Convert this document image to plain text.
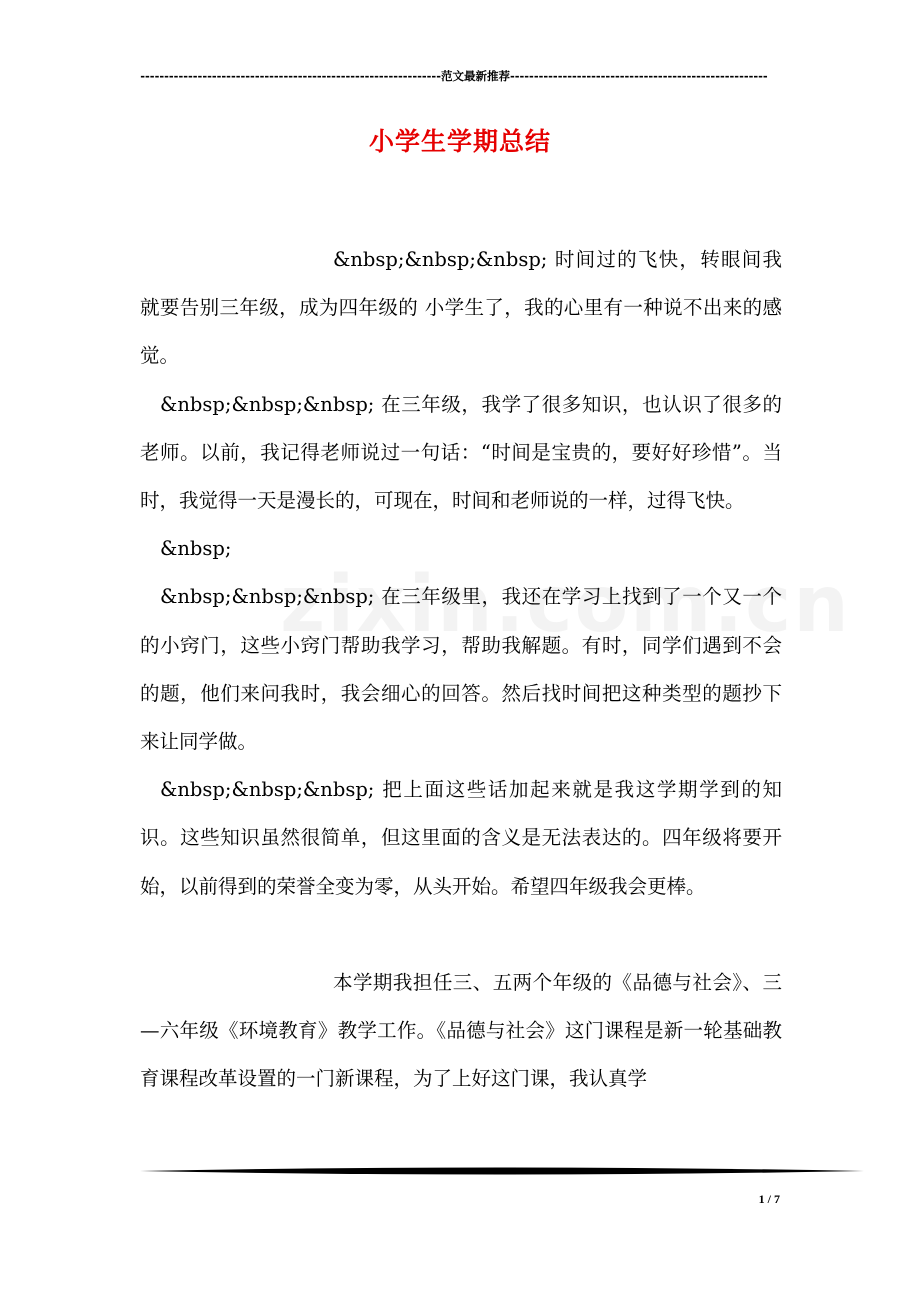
---------------------------------------------------------------范文最新推荐------------------------------------------------------
小学生学期总结

&nbsp;&nbsp;&nbsp; 时间过的飞快，转眼间我就要告别三年级，成为四年级的 小学生了，我的心里有一种说不出来的感觉。

&nbsp;&nbsp;&nbsp; 在三年级，我学了很多知识，也认识了很多的老师。以前，我记得老师说过一句话：“时间是宝贵的，要好好珍惜”。当时，我觉得一天是漫长的，可现在，时间和老师说的一样，过得飞快。

&nbsp;

&nbsp;&nbsp;&nbsp; 在三年级里，我还在学习上找到了一个又一个的小窍门，这些小窍门帮助我学习，帮助我解题。有时，同学们遇到不会的题，他们来问我时，我会细心的回答。然后找时间把这种类型的题抄下来让同学做。

&nbsp;&nbsp;&nbsp; 把上面这些话加起来就是我这学期学到的知识。这些知识虽然很简单，但这里面的含义是无法表达的。四年级将要开始，以前得到的荣誉全变为零，从头开始。希望四年级我会更棒。

本学期我担任三、五两个年级的《品德与社会》、三—六年级《环境教育》教学工作。《品德与社会》这门课程是新一轮基础教育课程改革设置的一门新课程，为了上好这门课，我认真学

1 / 7
